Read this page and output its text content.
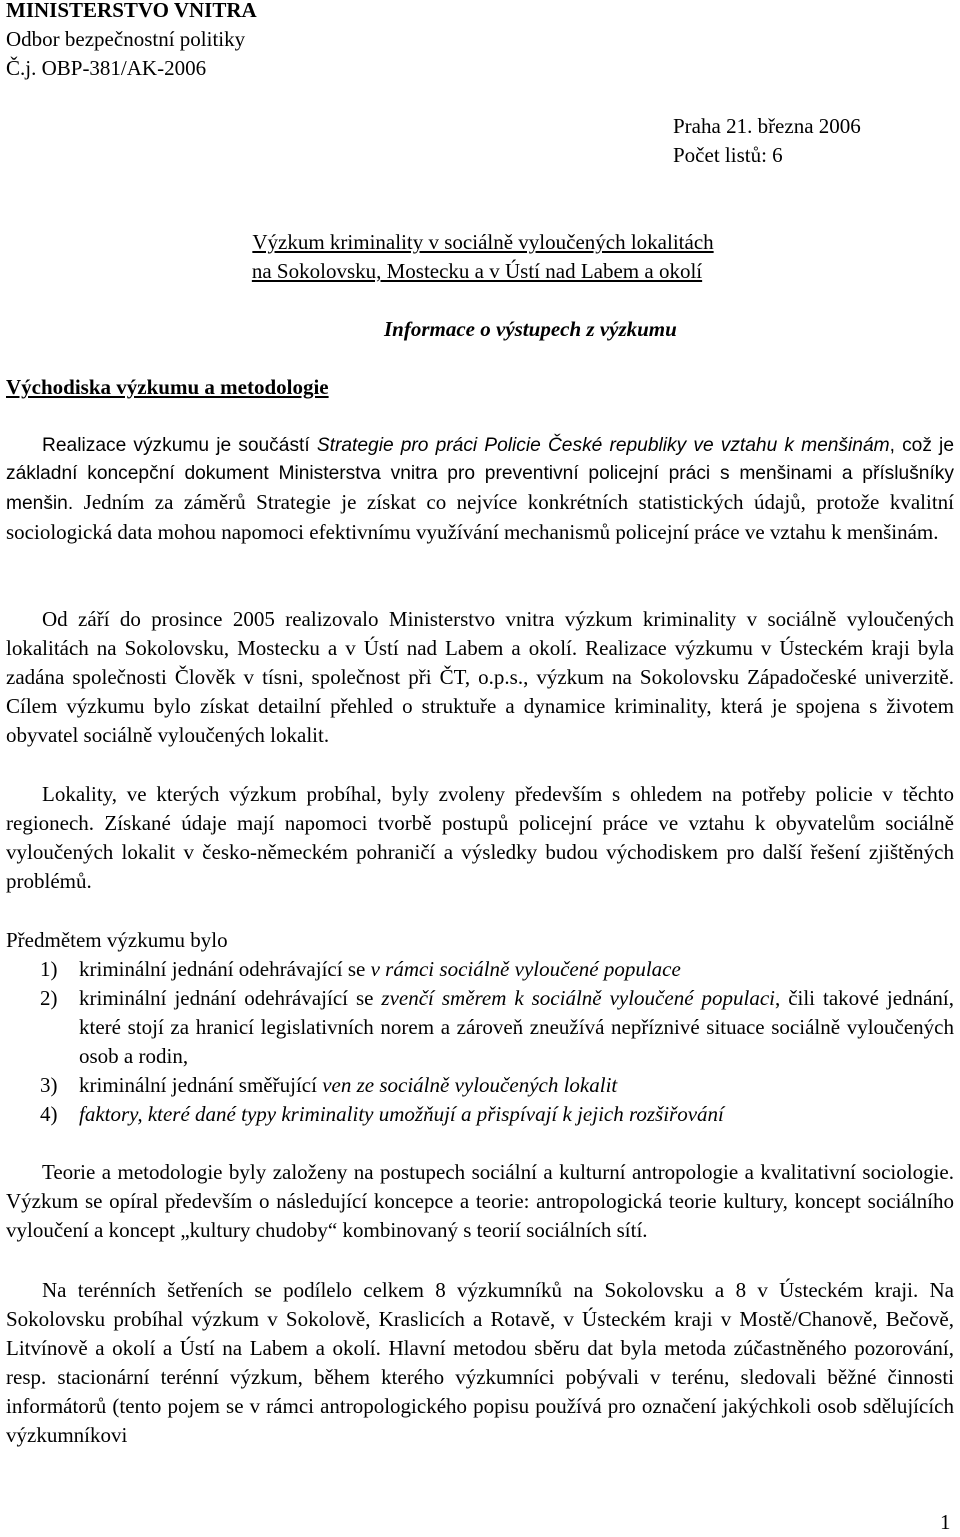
MINISTERSTVO VNITRA
Odbor bezpečnostní politiky
Č.j. OBP-381/AK-2006
Praha 21. března 2006
Počet listů: 6
Výzkum kriminality v sociálně vyloučených lokalitách
na Sokolovsku, Mostecku a v Ústí nad Labem a okolí
Informace o výstupech z výzkumu
Východiska výzkumu a metodologie
Realizace výzkumu je součástí Strategie pro práci Policie České republiky ve vztahu k menšinám, což je základní koncepční dokument Ministerstva vnitra pro preventivní policejní práci s menšinami a příslušníky menšin. Jedním za záměrů Strategie je získat co nejvíce konkrétních statistických údajů, protože kvalitní sociologická data mohou napomoci efektivnímu využívání mechanismů policejní práce ve vztahu k menšinám.
Od září do prosince 2005 realizovalo Ministerstvo vnitra výzkum kriminality v sociálně vyloučených lokalitách na Sokolovsku, Mostecku a v Ústí nad Labem a okolí. Realizace výzkumu v Ústeckém kraji byla zadána společnosti Člověk v tísni, společnost při ČT, o.p.s., výzkum na Sokolovsku Západočeské univerzitě. Cílem výzkumu bylo získat detailní přehled o struktuře a dynamice kriminality, která je spojena s životem obyvatel sociálně vyloučených lokalit.
Lokality, ve kterých výzkum probíhal, byly zvoleny především s ohledem na potřeby policie v těchto regionech. Získané údaje mají napomoci tvorbě postupů policejní práce ve vztahu k obyvatelům sociálně vyloučených lokalit v česko-německém pohraničí a výsledky budou východiskem pro další řešení zjištěných problémů.
Předmětem výzkumu bylo
1)	kriminální jednání odehrávající se v rámci sociálně vyloučené populace
2)	kriminální jednání odehrávající se zvenčí směrem k sociálně vyloučené populaci, čili takové jednání, které stojí za hranicí legislativních norem a zároveň zneužívá nepříznivé situace sociálně vyloučených osob a rodin,
3)	kriminální jednání směřující ven ze sociálně vyloučených lokalit
4)	faktory, které dané typy kriminality umožňují a přispívají k jejich rozšiřování
Teorie a metodologie byly založeny na postupech sociální a kulturní antropologie a kvalitativní sociologie. Výzkum se opíral především o následující koncepce a teorie: antropologická teorie kultury, koncept sociálního vyloučení a koncept „kultury chudoby“ kombinovaný s teorií sociálních sítí.
Na terénních šetřeních se podílelo celkem 8 výzkumníků na Sokolovsku a 8 v Ústeckém kraji. Na Sokolovsku probíhal výzkum v Sokolově, Kraslicích a Rotavě, v Ústeckém kraji v Mostě/Chanově, Bečově, Litvínově a okolí a Ústí na Labem a okolí. Hlavní metodou sběru dat byla metoda zúčastněného pozorování, resp. stacionární terénní výzkum, během kterého výzkumníci pobývali v terénu, sledovali běžné činnosti informátorů (tento pojem se v rámci antropologického popisu používá pro označení jakýchkoli osob sdělujících výzkumníkovi
1
